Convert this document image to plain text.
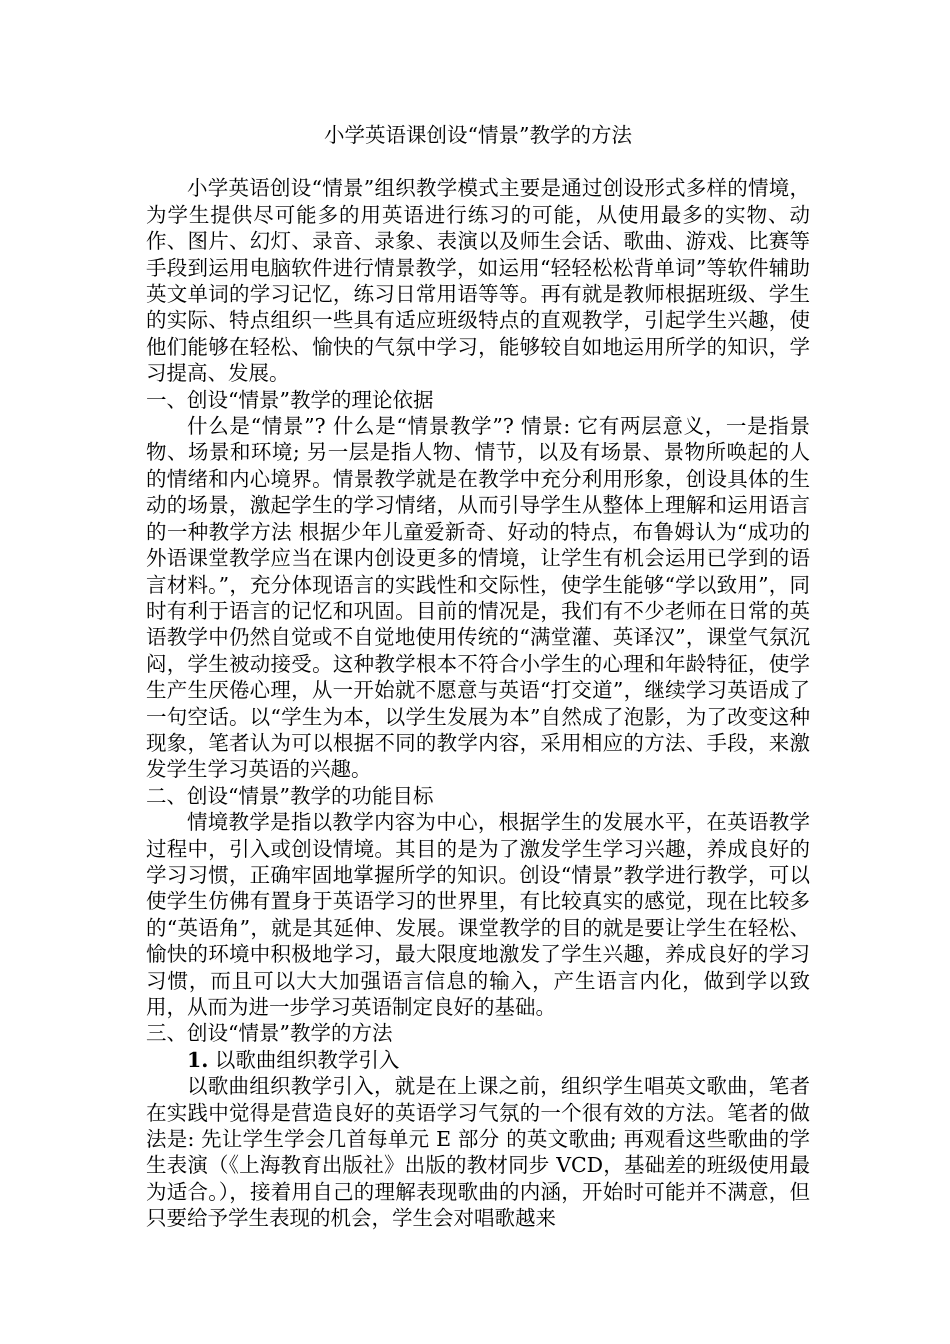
小学英语课创设“情景”教学的方法

小学英语创设“情景”组织教学模式主要是通过创设形式多样的情境，为学生提供尽可能多的用英语进行练习的可能，从使用最多的实物、动作、图片、幻灯、录音、录象、表演以及师生会话、歌曲、游戏、比赛等手段到运用电脑软件进行情景教学，如运用“轻轻松松背单词”等软件辅助英文单词的学习记忆，练习日常用语等等。再有就是教师根据班级、学生的实际、特点组织一些具有适应班级特点的直观教学，引起学生兴趣，使他们能够在轻松、愉快的气氛中学习，能够较自如地运用所学的知识，学习提高、发展。

一、创设“情景”教学的理论依据

什么是“情景”? 什么是“情景教学”? 情景: 它有两层意义，一是指景物、场景和环境; 另一层是指人物、情节，以及有场景、景物所唤起的人的情绪和内心境界。情景教学就是在教学中充分利用形象，创设具体的生动的场景，激起学生的学习情绪，从而引导学生从整体上理解和运用语言的一种教学方法 根据少年儿童爱新奇、好动的特点，布鲁姆认为“成功的外语课堂教学应当在课内创设更多的情境，让学生有机会运用已学到的语言材料。”，充分体现语言的实践性和交际性，使学生能够“学以致用”，同时有利于语言的记忆和巩固。目前的情况是，我们有不少老师在日常的英语教学中仍然自觉或不自觉地使用传统的“满堂灌、英译汉”，课堂气氛沉闷，学生被动接受。这种教学根本不符合小学生的心理和年龄特征，使学生产生厌倦心理，从一开始就不愿意与英语“打交道”，继续学习英语成了一句空话。以“学生为本，以学生发展为本”自然成了泡影，为了改变这种现象，笔者认为可以根据不同的教学内容，采用相应的方法、手段，来激发学生学习英语的兴趣。

二、创设“情景”教学的功能目标

情境教学是指以教学内容为中心，根据学生的发展水平，在英语教学过程中，引入或创设情境。其目的是为了激发学生学习兴趣，养成良好的学习习惯，正确牢固地掌握所学的知识。创设“情景”教学进行教学，可以使学生仿佛有置身于英语学习的世界里，有比较真实的感觉，现在比较多的“英语角”，就是其延伸、发展。课堂教学的目的就是要让学生在轻松、愉快的环境中积极地学习，最大限度地激发了学生兴趣，养成良好的学习习惯，而且可以大大加强语言信息的输入，产生语言内化，做到学以致用，从而为进一步学习英语制定良好的基础。

三、创设“情景”教学的方法

1. 以歌曲组织教学引入

以歌曲组织教学引入，就是在上课之前，组织学生唱英文歌曲，笔者在实践中觉得是营造良好的英语学习气氛的一个很有效的方法。笔者的做法是: 先让学生学会几首每单元 E 部分 的英文歌曲; 再观看这些歌曲的学生表演（《上海教育出版社》出版的教材同步 VCD，基础差的班级使用最为适合。），接着用自己的理解表现歌曲的内涵，开始时可能并不满意，但只要给予学生表现的机会，学生会对唱歌越来
